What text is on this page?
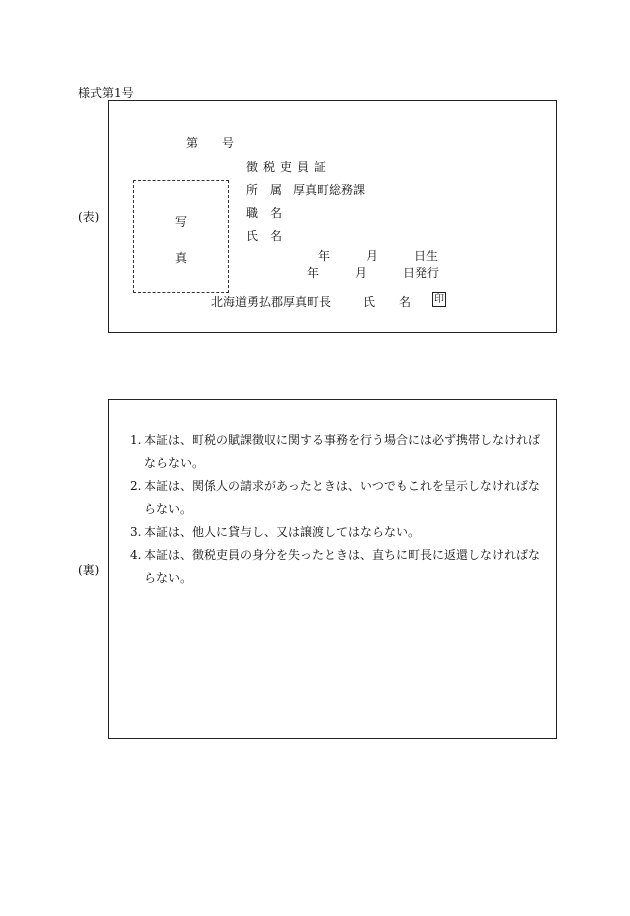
様式第1号
(表)
第　　号
徴税吏員証
所　属 厚真町総務課
職　名
氏　名
写
真	年　　　月　　　日生
年　　　月　　　日発行
北海道勇払郡厚真町長	氏　　名 印
(裏)
1. 本証は、町税の賦課徴収に関する事務を行う場合には必ず携帯しなければならない。
2. 本証は、関係人の請求があったときは、いつでもこれを呈示しなければならない。
3. 本証は、他人に貸与し、又は譲渡してはならない。
4. 本証は、徴税吏員の身分を失ったときは、直ちに町長に返還しなければならない。
